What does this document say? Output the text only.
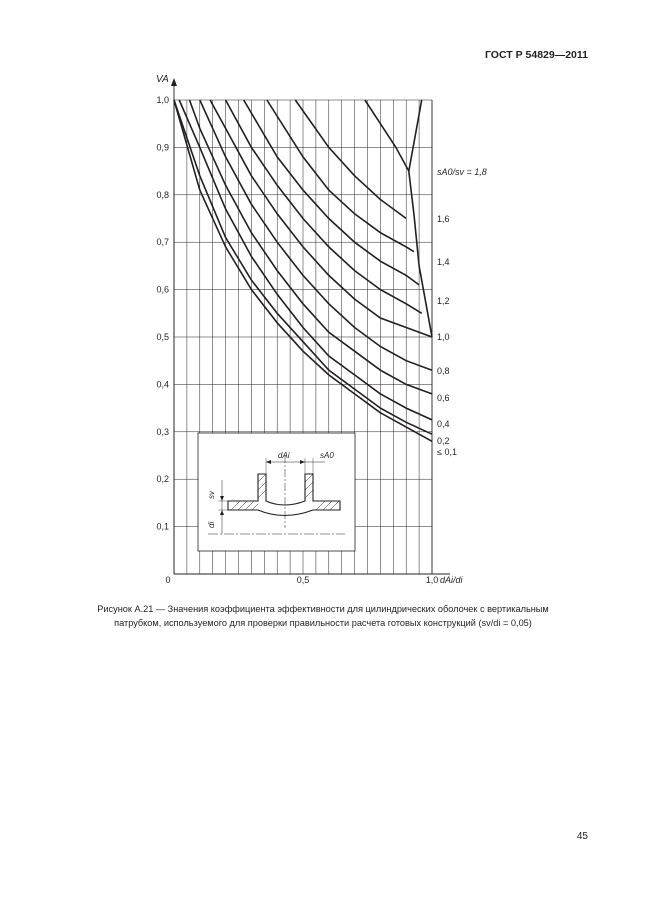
ГОСТ Р 54829—2011
dAi	sA0
sv
di
0,1
0,2
0,3
0,4
0,5
0,6
0,7
0,8
0,9
1,0
0	0,5	1,0
VA
dAi/di
≤ 0,1
0,2
0,4
0,6
0,8
1,0
1,2
1,4
1,6
sA0/sv = 1,8
Рисунок А.21 — Значения коэффициента эффективности для цилиндрических оболочек с вертикальным
патрубком, используемого для проверки правильности расчета готовых конструкций (sv/di = 0,05)
45
